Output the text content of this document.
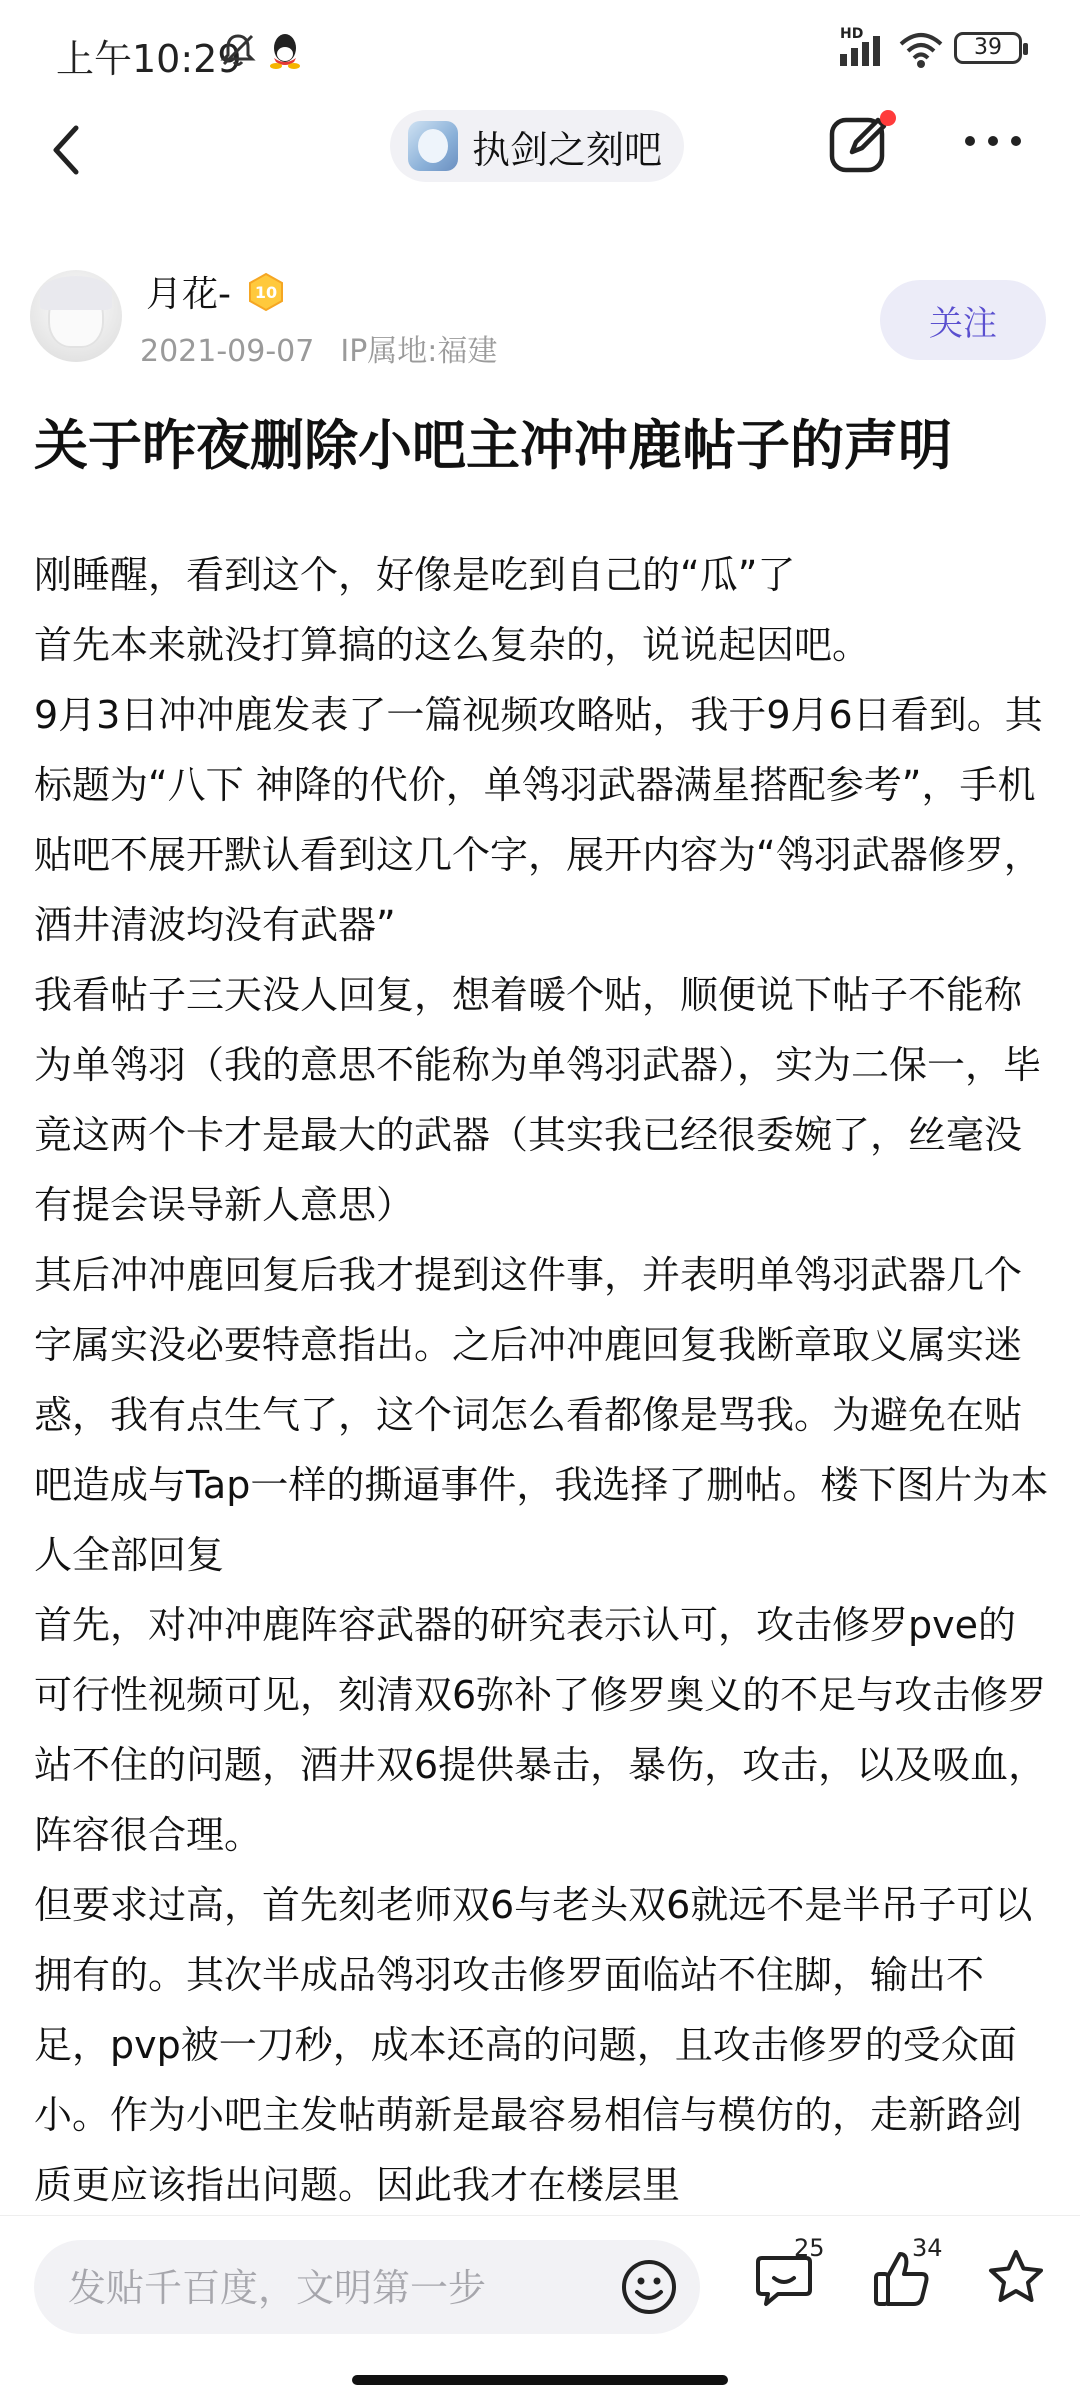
上午10:29
HD
39
执剑之刻吧
月花- 10
2021-09-07 IP属地:福建
关注
关于昨夜删除小吧主冲冲鹿帖子的声明

刚睡醒，看到这个，好像是吃到自己的“瓜”了

首先本来就没打算搞的这么复杂的，说说起因吧。

9月3日冲冲鹿发表了一篇视频攻略贴，我于9月6日看到。其标题为“八下 神降的代价，单鸰羽武器满星搭配参考”，手机贴吧不展开默认看到这几个字，展开内容为“鸰羽武器修罗，酒井清波均没有武器”

我看帖子三天没人回复，想着暖个贴，顺便说下帖子不能称为单鸰羽（我的意思不能称为单鸰羽武器），实为二保一，毕竟这两个卡才是最大的武器（其实我已经很委婉了，丝毫没有提会误导新人意思）

其后冲冲鹿回复后我才提到这件事，并表明单鸰羽武器几个字属实没必要特意指出。之后冲冲鹿回复我断章取义属实迷惑，我有点生气了，这个词怎么看都像是骂我。为避免在贴吧造成与Tap一样的撕逼事件，我选择了删帖。楼下图片为本人全部回复

首先，对冲冲鹿阵容武器的研究表示认可，攻击修罗pve的可行性视频可见，刻清双6弥补了修罗奥义的不足与攻击修罗站不住的问题，酒井双6提供暴击，暴伤，攻击，以及吸血，阵容很合理。

但要求过高，首先刻老师双6与老头双6就远不是半吊子可以拥有的。其次半成品鸰羽攻击修罗面临站不住脚，输出不足，pvp被一刀秒，成本还高的问题，且攻击修罗的受众面小。作为小吧主发帖萌新是最容易相信与模仿的，走新路剑质更应该指出问题。因此我才在楼层里

发贴千百度，文明第一步
25	34
